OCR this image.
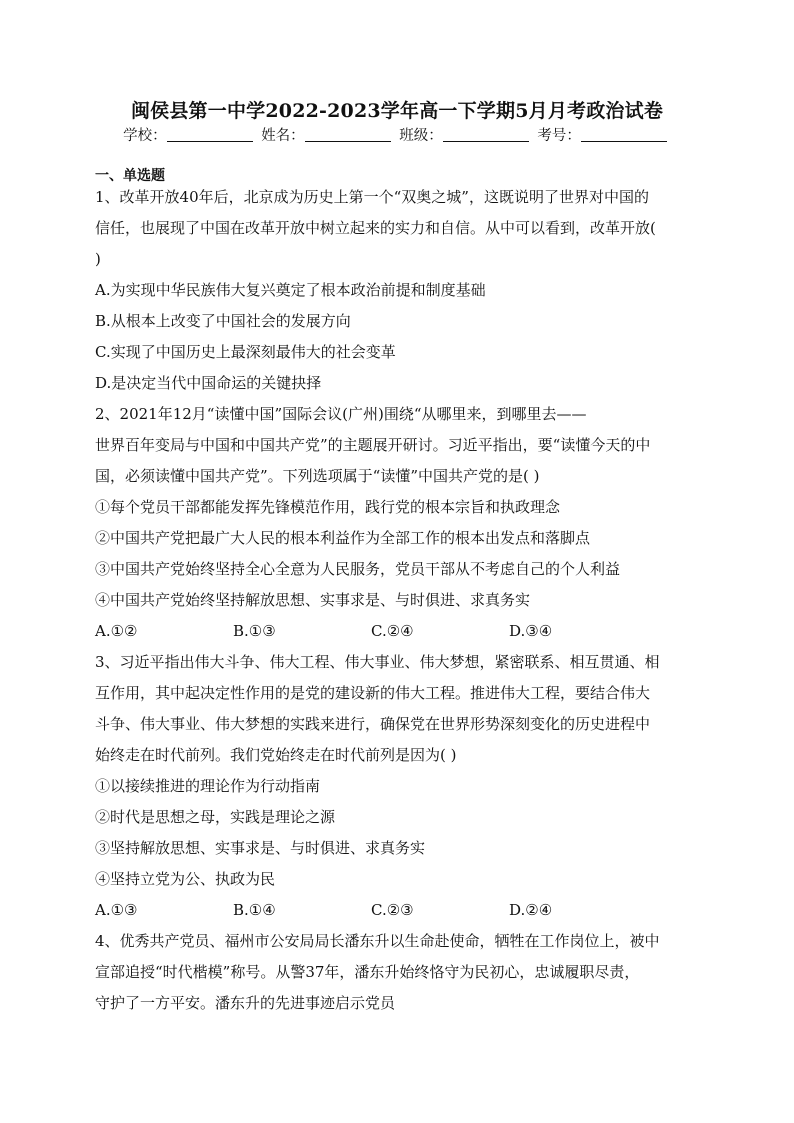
闽侯县第一中学2022-2023学年高一下学期5月月考政治试卷
学校：	姓名：	班级：	考号：
一、单选题
1、改革开放40年后，北京成为历史上第一个“双奥之城”，这既说明了世界对中国的
信任，也展现了中国在改革开放中树立起来的实力和自信。从中可以看到，改革开放(
)
A.为实现中华民族伟大复兴奠定了根本政治前提和制度基础
B.从根本上改变了中国社会的发展方向
C.实现了中国历史上最深刻最伟大的社会变革
D.是决定当代中国命运的关键抉择
2、2021年12月“读懂中国”国际会议(广州)围绕“从哪里来，到哪里去——
世界百年变局与中国和中国共产党”的主题展开研讨。习近平指出，要“读懂今天的中
国，必须读懂中国共产党”。下列选项属于“读懂”中国共产党的是( )
①每个党员干部都能发挥先锋模范作用，践行党的根本宗旨和执政理念
②中国共产党把最广大人民的根本利益作为全部工作的根本出发点和落脚点
③中国共产党始终坚持全心全意为人民服务，党员干部从不考虑自己的个人利益
④中国共产党始终坚持解放思想、实事求是、与时俱进、求真务实
A.①②	B.①③	C.②④	D.③④
3、习近平指出伟大斗争、伟大工程、伟大事业、伟大梦想，紧密联系、相互贯通、相
互作用，其中起决定性作用的是党的建设新的伟大工程。推进伟大工程，要结合伟大
斗争、伟大事业、伟大梦想的实践来进行，确保党在世界形势深刻变化的历史进程中
始终走在时代前列。我们党始终走在时代前列是因为( )
①以接续推进的理论作为行动指南
②时代是思想之母，实践是理论之源
③坚持解放思想、实事求是、与时俱进、求真务实
④坚持立党为公、执政为民
A.①③	B.①④	C.②③	D.②④
4、优秀共产党员、福州市公安局局长潘东升以生命赴使命，牺牲在工作岗位上，被中
宣部追授“时代楷模”称号。从警37年，潘东升始终恪守为民初心，忠诚履职尽责，
守护了一方平安。潘东升的先进事迹启示党员
